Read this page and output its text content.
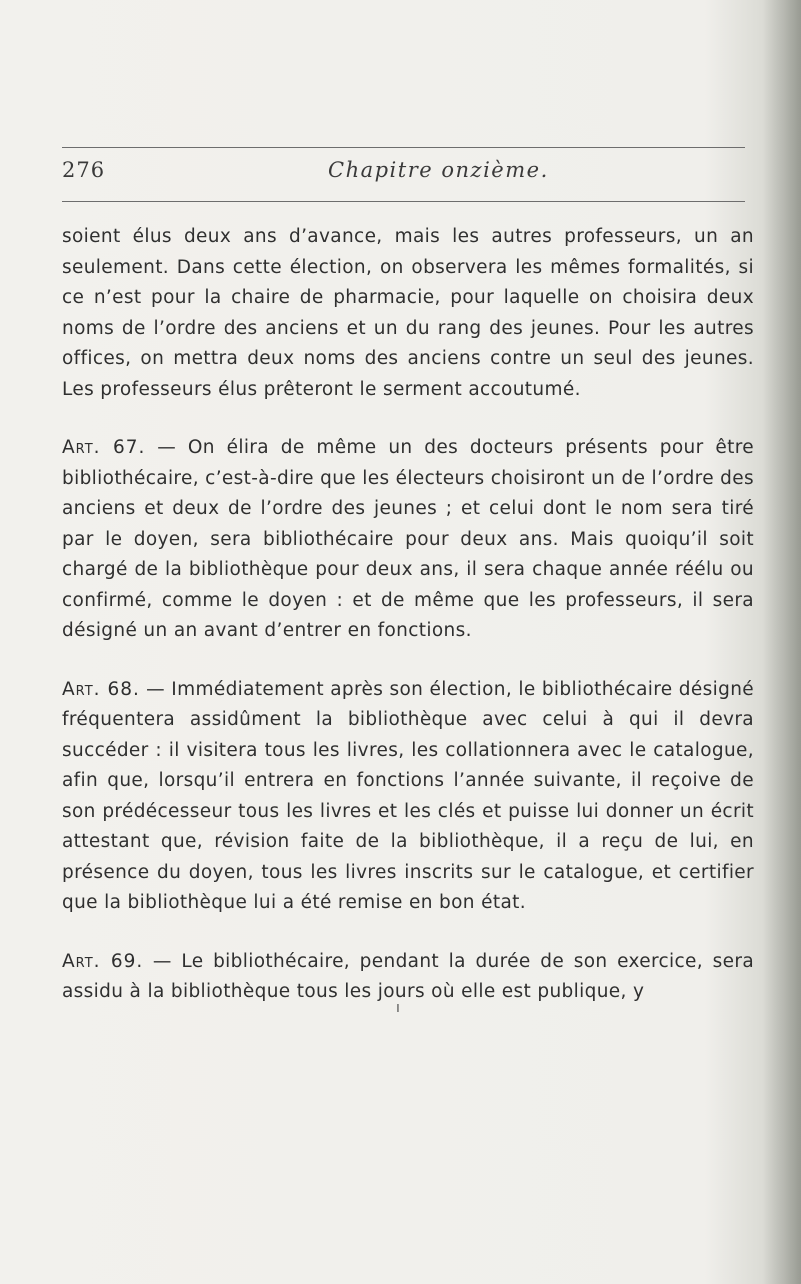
276	Chapitre onzième.

soient élus deux ans d’avance, mais les autres professeurs, un an seulement. Dans cette élection, on observera les mêmes formalités, si ce n’est pour la chaire de pharmacie, pour laquelle on choisira deux noms de l’ordre des anciens et un du rang des jeunes. Pour les autres offices, on mettra deux noms des anciens contre un seul des jeunes. Les professeurs élus prêteront le serment accoutumé.

Art. 67. — On élira de même un des docteurs présents pour être bibliothécaire, c’est-à-dire que les électeurs choisiront un de l’ordre des anciens et deux de l’ordre des jeunes ; et celui dont le nom sera tiré par le doyen, sera bibliothécaire pour deux ans. Mais quoiqu’il soit chargé de la bibliothèque pour deux ans, il sera chaque année réélu ou confirmé, comme le doyen : et de même que les professeurs, il sera désigné un an avant d’entrer en fonctions.

Art. 68. — Immédiatement après son élection, le bibliothécaire désigné fréquentera assidûment la bibliothèque avec celui à qui il devra succéder : il visitera tous les livres, les collationnera avec le catalogue, afin que, lorsqu’il entrera en fonctions l’année suivante, il reçoive de son prédécesseur tous les livres et les clés et puisse lui donner un écrit attestant que, révision faite de la bibliothèque, il a reçu de lui, en présence du doyen, tous les livres inscrits sur le catalogue, et certifier que la bibliothèque lui a été remise en bon état.

Art. 69. — Le bibliothécaire, pendant la durée de son exercice, sera assidu à la bibliothèque tous les jours où elle est publique, y

ı
